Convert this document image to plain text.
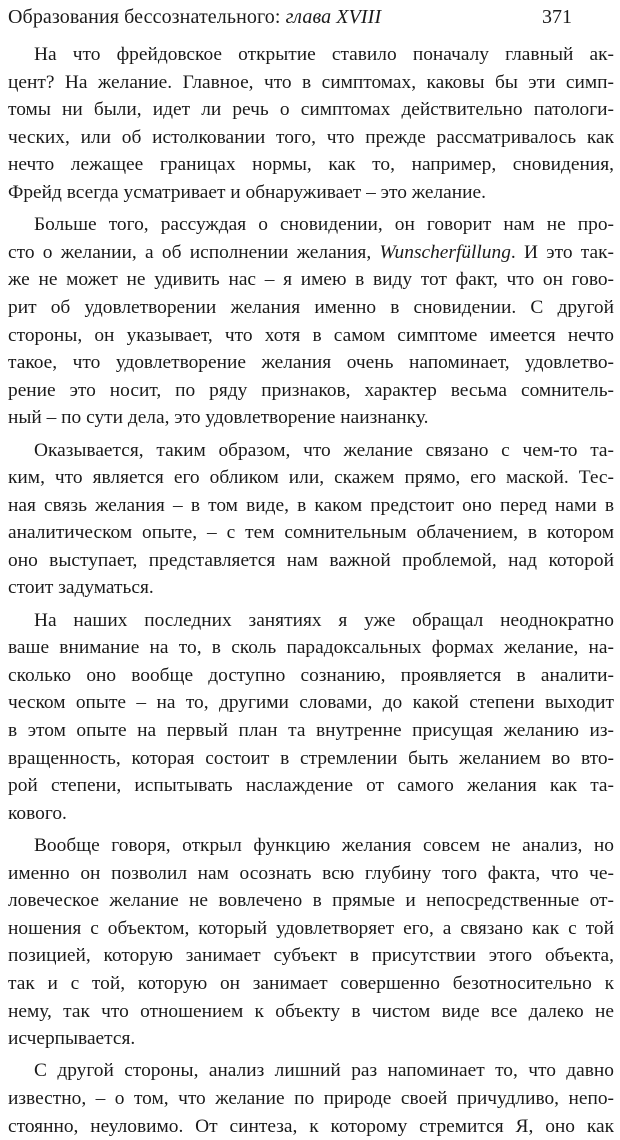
Образования бессознательного: глава XVIII	371
На что фрейдовское открытие ставило поначалу главный ак-
цент? На желание. Главное, что в симптомах, каковы бы эти симп-
томы ни были, идет ли речь о симптомах действительно патологи-
ческих, или об истолковании того, что прежде рассматривалось как
нечто лежащее границах нормы, как то, например, сновидения,
Фрейд всегда усматривает и обнаруживает – это желание.
Больше того, рассуждая о сновидении, он говорит нам не про-
сто о желании, а об исполнении желания, Wunscherfüllung. И это так-
же не может не удивить нас – я имею в виду тот факт, что он гово-
рит об удовлетворении желания именно в сновидении. С другой
стороны, он указывает, что хотя в самом симптоме имеется нечто
такое, что удовлетворение желания очень напоминает, удовлетво-
рение это носит, по ряду признаков, характер весьма сомнитель-
ный – по сути дела, это удовлетворение наизнанку.
Оказывается, таким образом, что желание связано с чем-то та-
ким, что является его обликом или, скажем прямо, его маской. Тес-
ная связь желания – в том виде, в каком предстоит оно перед нами в
аналитическом опыте, – с тем сомнительным облачением, в котором
оно выступает, представляется нам важной проблемой, над которой
стоит задуматься.
На наших последних занятиях я уже обращал неоднократно
ваше внимание на то, в сколь парадоксальных формах желание, на-
сколько оно вообще доступно сознанию, проявляется в аналити-
ческом опыте – на то, другими словами, до какой степени выходит
в этом опыте на первый план та внутренне присущая желанию из-
вращенность, которая состоит в стремлении быть желанием во вто-
рой степени, испытывать наслаждение от самого желания как та-
кового.
Вообще говоря, открыл функцию желания совсем не анализ, но
именно он позволил нам осознать всю глубину того факта, что че-
ловеческое желание не вовлечено в прямые и непосредственные от-
ношения с объектом, который удовлетворяет его, а связано как с той
позицией, которую занимает субъект в присутствии этого объекта,
так и с той, которую он занимает совершенно безотносительно к
нему, так что отношением к объекту в чистом виде все далеко не
исчерпывается.
С другой стороны, анализ лишний раз напоминает то, что давно
известно, – о том, что желание по природе своей причудливо, непо-
стоянно, неуловимо. От синтеза, к которому стремится Я, оно как
